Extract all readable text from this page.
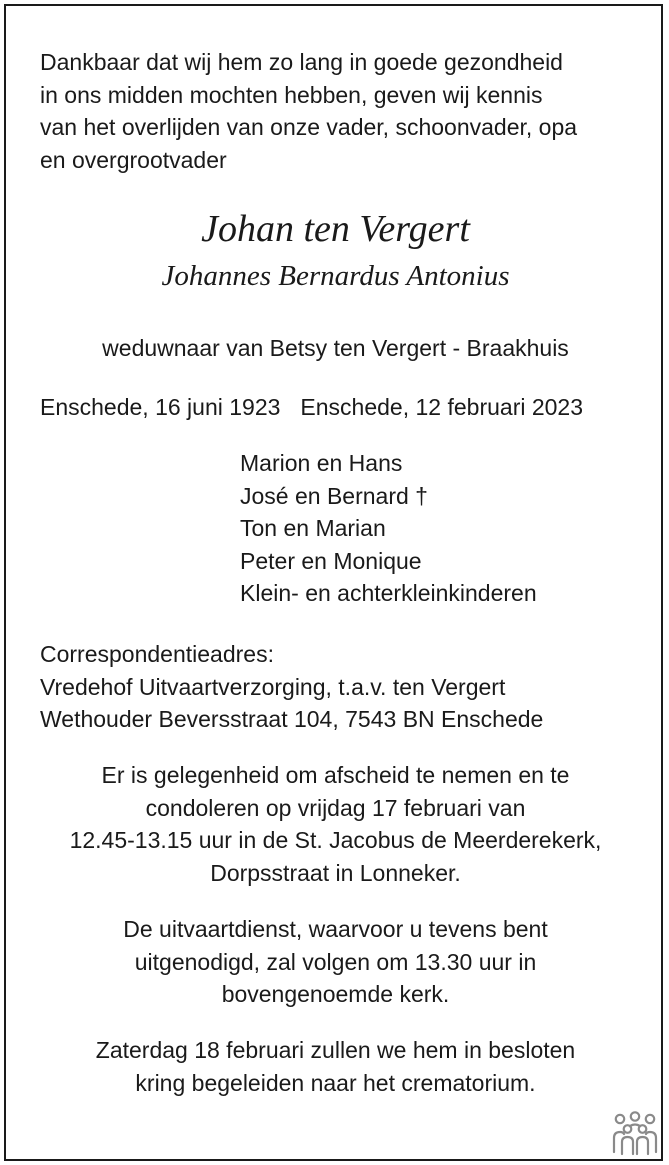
Dankbaar dat wij hem zo lang in goede gezondheid
in ons midden mochten hebben, geven wij kennis
van het overlijden van onze vader, schoonvader, opa
en overgrootvader
Johan ten Vergert
Johannes Bernardus Antonius
weduwnaar van Betsy ten Vergert - Braakhuis
Enschede, 16 juni 1923 Enschede, 12 februari 2023
Marion en Hans
José en Bernard †
Ton en Marian
Peter en Monique
Klein- en achterkleinkinderen
Correspondentieadres:
Vredehof Uitvaartverzorging, t.a.v. ten Vergert
Wethouder Beversstraat 104, 7543 BN Enschede
Er is gelegenheid om afscheid te nemen en te
condoleren op vrijdag 17 februari van
12.45-13.15 uur in de St. Jacobus de Meerderekerk,
Dorpsstraat in Lonneker.
De uitvaartdienst, waarvoor u tevens bent
uitgenodigd, zal volgen om 13.30 uur in
bovengenoemde kerk.
Zaterdag 18 februari zullen we hem in besloten
kring begeleiden naar het crematorium.
